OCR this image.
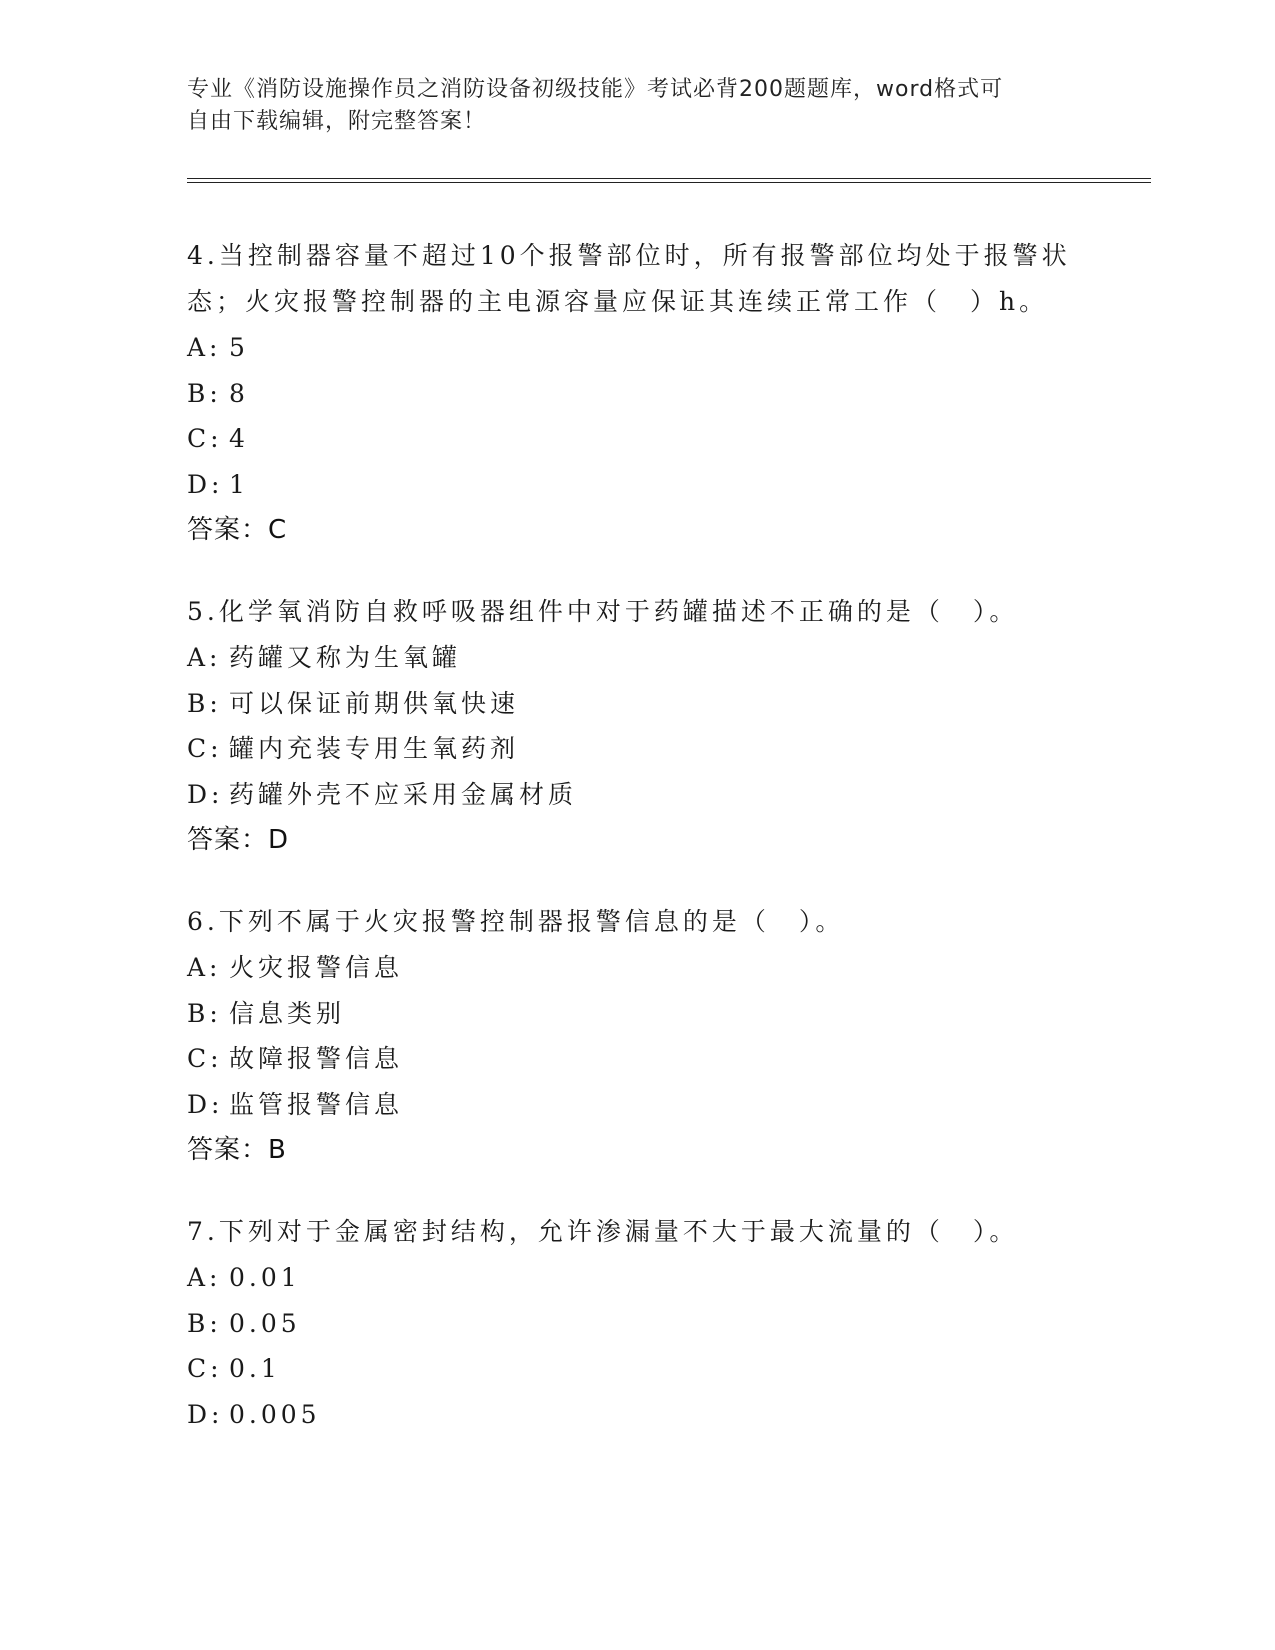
专业《消防设施操作员之消防设备初级技能》考试必背200题题库，word格式可
自由下载编辑，附完整答案！
4.当控制器容量不超过10个报警部位时，所有报警部位均处于报警状
态；火灾报警控制器的主电源容量应保证其连续正常工作（　）h。
A: 5
B: 8
C: 4
D: 1
答案：C
5.化学氧消防自救呼吸器组件中对于药罐描述不正确的是（　）。
A: 药罐又称为生氧罐
B: 可以保证前期供氧快速
C: 罐内充装专用生氧药剂
D: 药罐外壳不应采用金属材质
答案：D
6.下列不属于火灾报警控制器报警信息的是（　）。
A: 火灾报警信息
B: 信息类别
C: 故障报警信息
D: 监管报警信息
答案：B
7.下列对于金属密封结构，允许渗漏量不大于最大流量的（　）。
A: 0.01
B: 0.05
C: 0.1
D: 0.005
